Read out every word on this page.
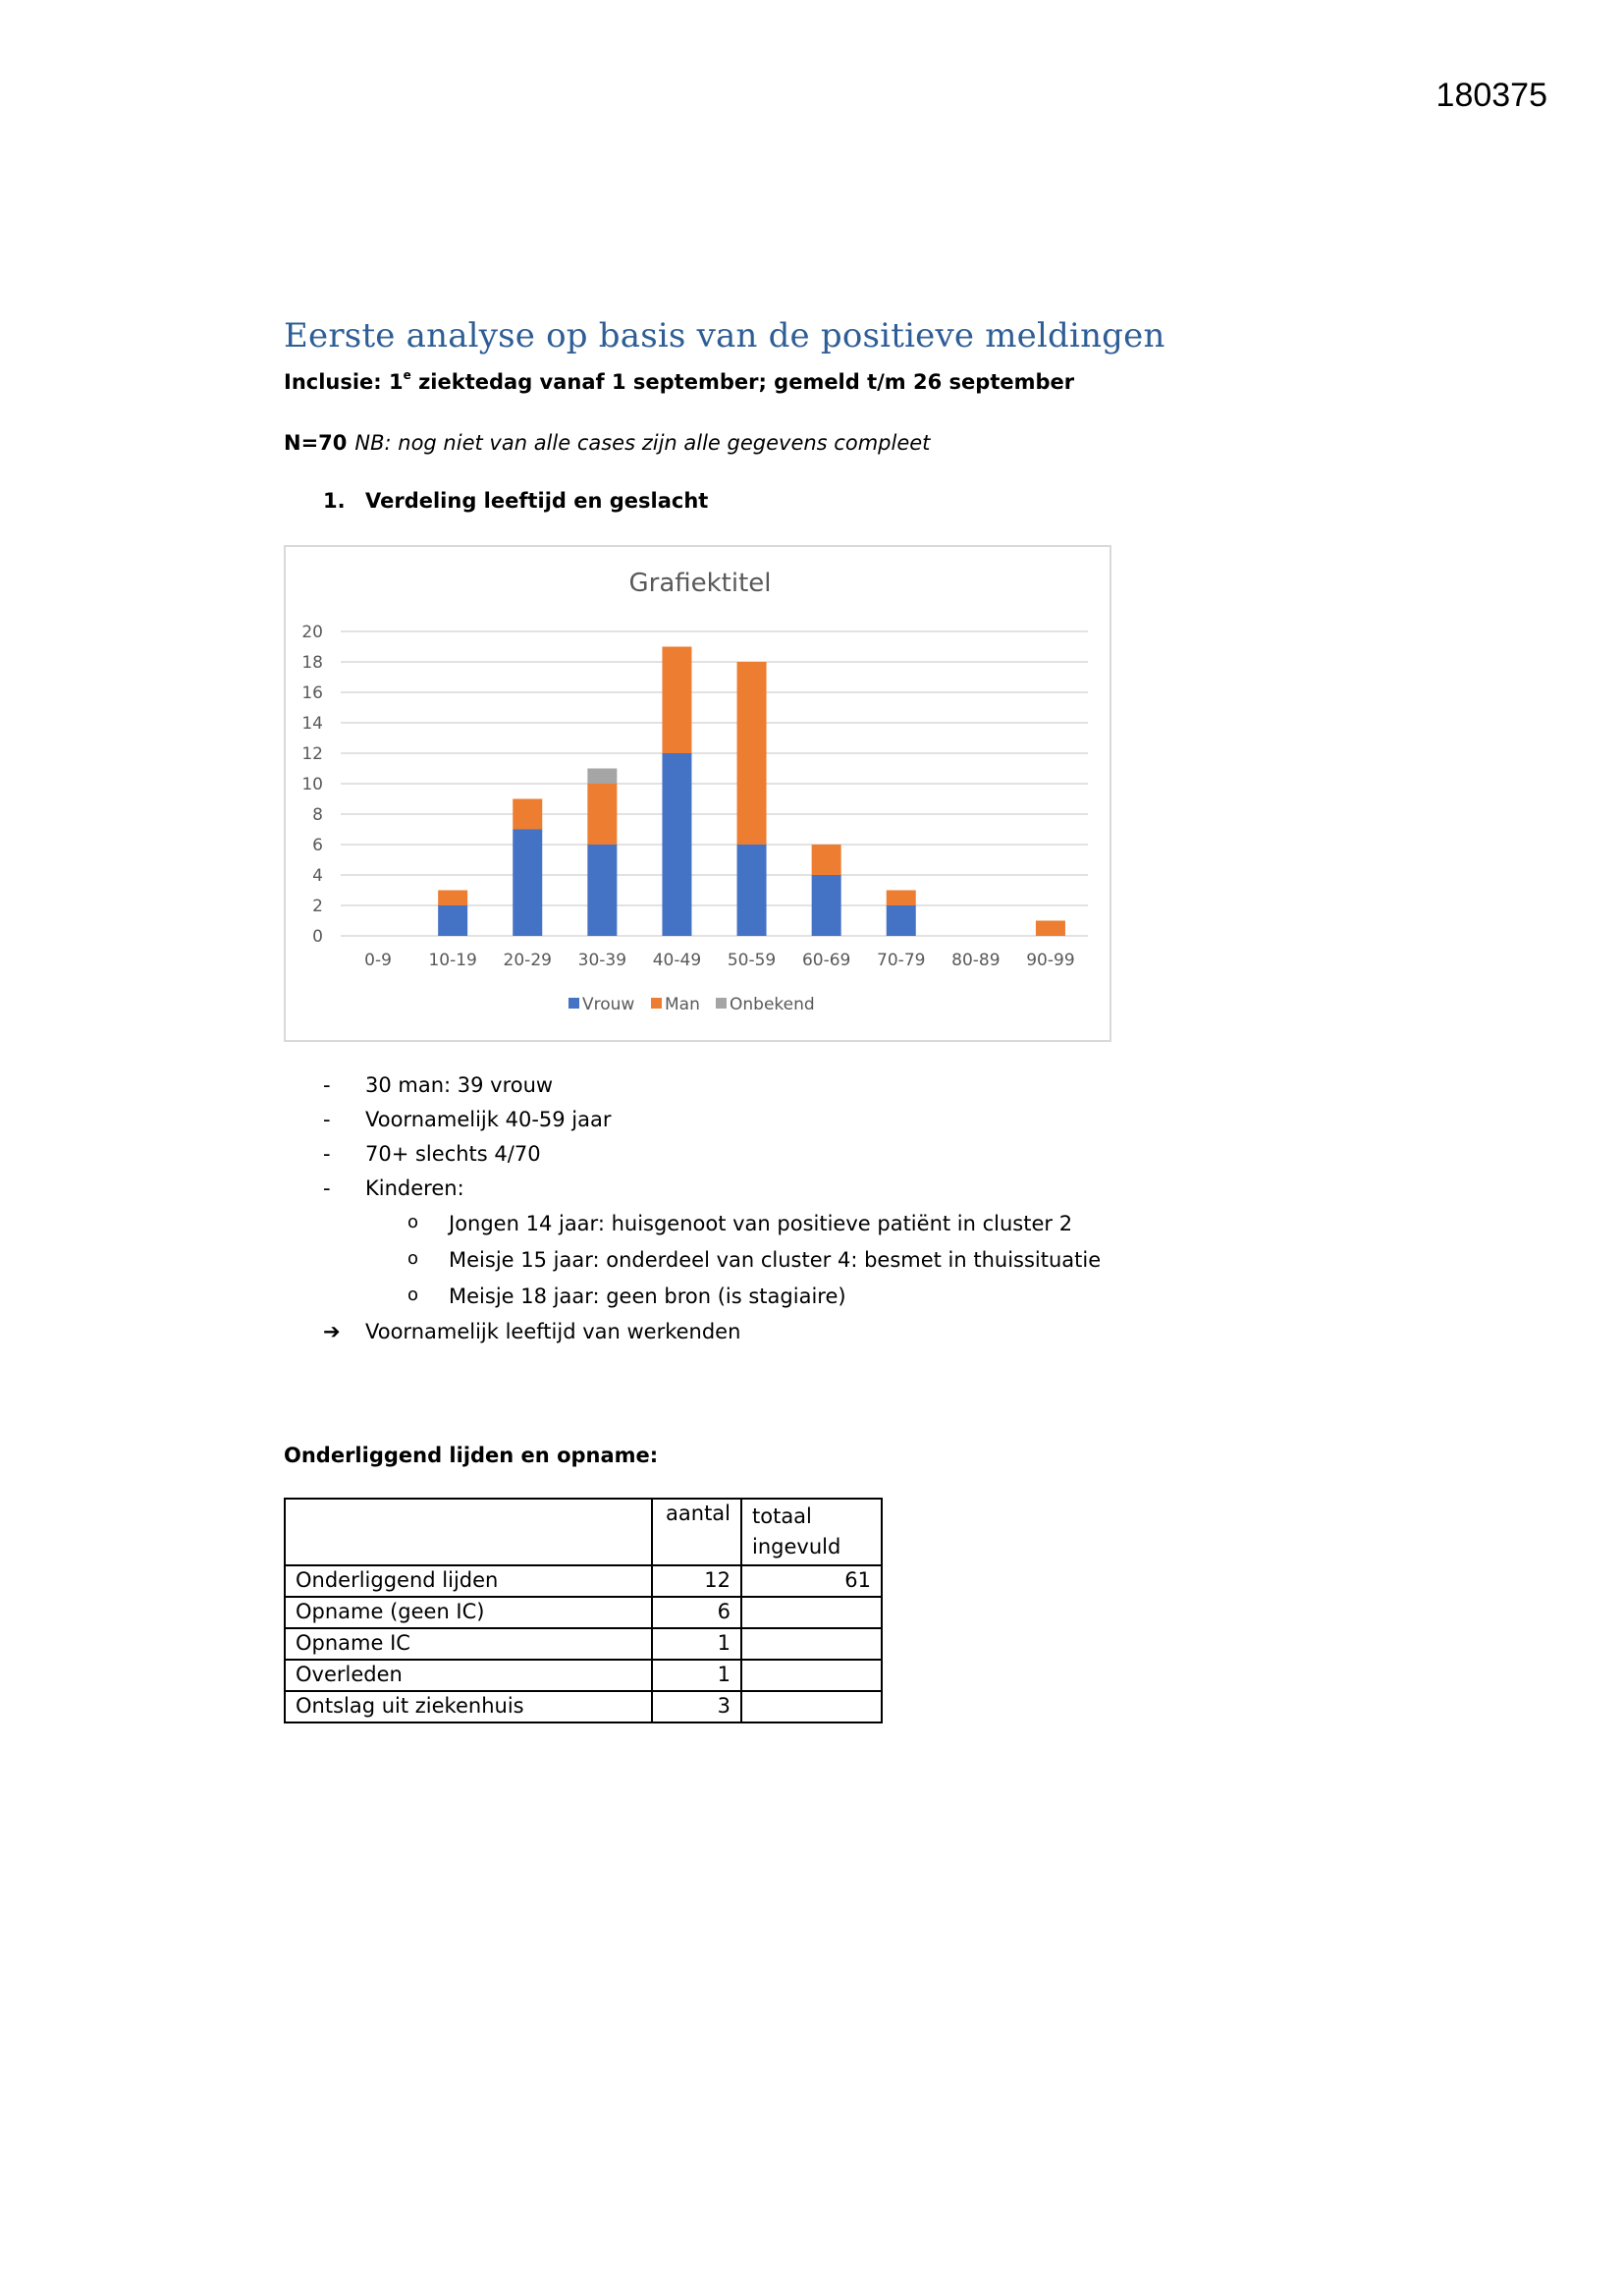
180375
Eerste analyse op basis van de positieve meldingen
Inclusie: 1e ziektedag vanaf 1 september; gemeld t/m 26 september
N=70 NB: nog niet van alle cases zijn alle gegevens compleet
1. Verdeling leeftijd en geslacht
0
2
4
6
8
10
12
14
16
18
20
0-9 10-19 20-29 30-39 40-49 50-59 60-69 70-79 80-89 90-99
Grafiektitel
Vrouw Man Onbekend
- 30 man: 39 vrouw
- Voornamelijk 40-59 jaar
- 70+ slechts 4/70
- Kinderen:
o Jongen 14 jaar: huisgenoot van positieve patiënt in cluster 2
o Meisje 15 jaar: onderdeel van cluster 4: besmet in thuissituatie
o Meisje 18 jaar: geen bron (is stagiaire)
➔ Voornamelijk leeftijd van werkenden
Onderliggend lijden en opname:
	aantal	totaal ingevuld
Onderliggend lijden	12	61
Opname (geen IC)	6	
Opname IC	1	
Overleden	1	
Ontslag uit ziekenhuis	3	
